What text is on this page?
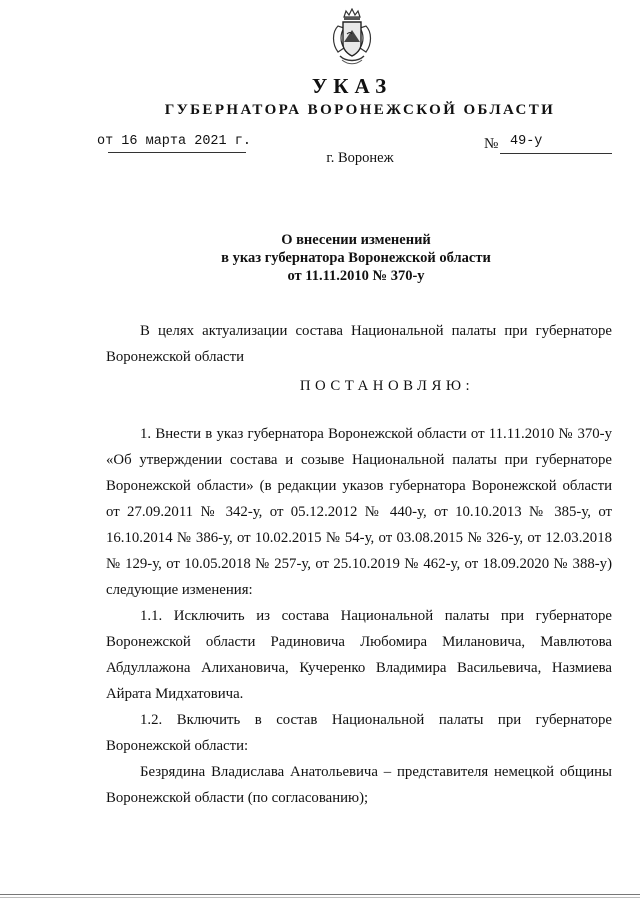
УКАЗ
ГУБЕРНАТОРА ВОРОНЕЖСКОЙ ОБЛАСТИ
от 16 марта 2021 г.	№ 49-у
г. Воронеж
О внесении изменений
в указ губернатора Воронежской области
от 11.11.2010 № 370-у

В целях актуализации состава Национальной палаты при губернаторе Воронежской области

ПОСТАНОВЛЯЮ:

1. Внести в указ губернатора Воронежской области от 11.11.2010 № 370-у «Об утверждении состава и созыве Национальной палаты при губернаторе Воронежской области» (в редакции указов губернатора Воронежской области от 27.09.2011 № 342-у, от 05.12.2012 № 440-у, от 10.10.2013 № 385-у, от 16.10.2014 № 386-у, от 10.02.2015 № 54-у, от 03.08.2015 № 326-у, от 12.03.2018 № 129-у, от 10.05.2018 № 257-у, от 25.10.2019 № 462-у, от 18.09.2020 № 388-у) следующие изменения:

1.1. Исключить из состава Национальной палаты при губернаторе Воронежской области Радиновича Любомира Милановича, Мавлютова Абдуллажона Алихановича, Кучеренко Владимира Васильевича, Назмиева Айрата Мидхатовича.

1.2. Включить в состав Национальной палаты при губернаторе Воронежской области:

Безрядина Владислава Анатольевича – представителя немецкой общины Воронежской области (по согласованию);
